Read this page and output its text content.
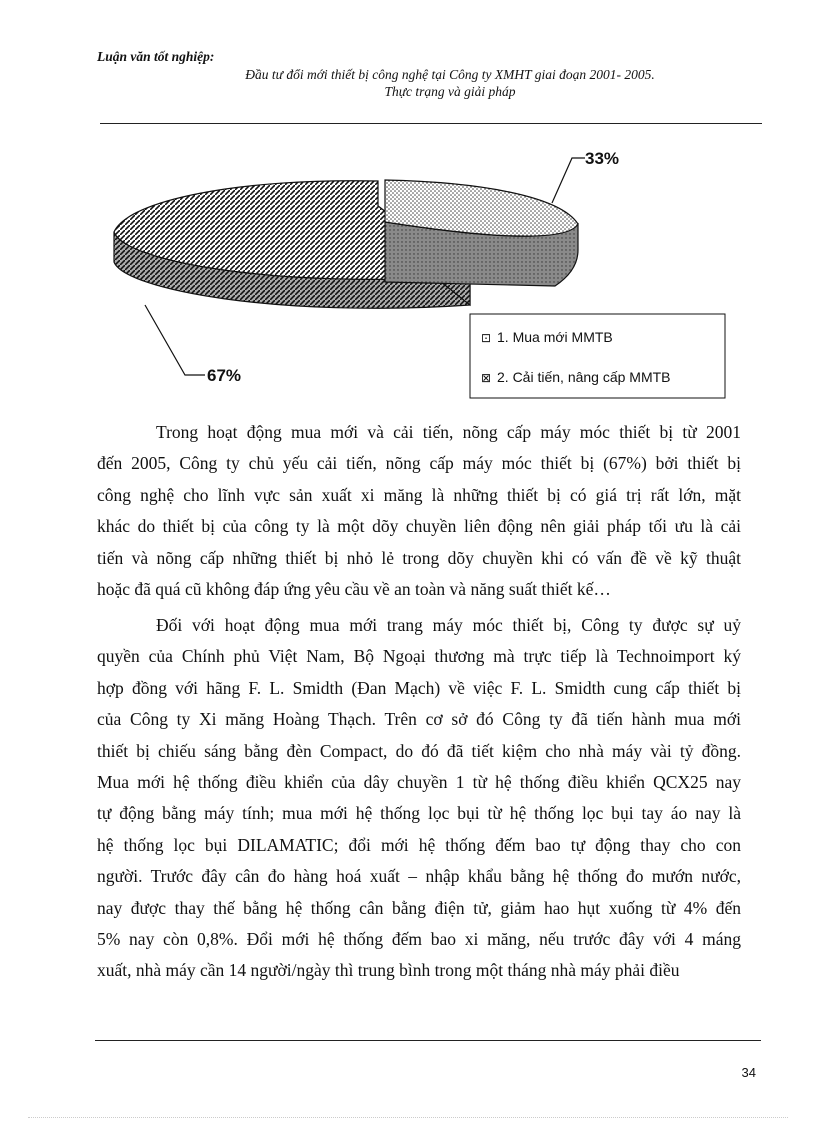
Luận văn tốt nghiệp:
Đầu tư đổi mới thiết bị công nghệ tại Công ty XMHT giai đoạn 2001- 2005.
Thực trạng và giải pháp
33%
67%
⊡ 1. Mua mới MMTB
⊠ 2. Cải tiến, nâng cấp MMTB

Trong hoạt động mua mới và cải tiến, nõng cấp máy móc thiết bị từ 2001

đến 2005, Công ty chủ yếu cải tiến, nõng cấp máy móc thiết bị (67%) bởi thiết bị

công nghệ cho lĩnh vực sản xuất xi măng là những thiết bị có giá trị rất lớn, mặt

khác do thiết bị của công ty là một dõy chuyền liên động nên giải pháp tối ưu là cải

tiến và nõng cấp những thiết bị nhỏ lẻ trong dõy chuyền khi có vấn đề về kỹ thuật

hoặc đã quá cũ không đáp ứng yêu cầu về an toàn và năng suất thiết kế…

Đối với hoạt động mua mới trang máy móc thiết bị, Công ty được sự uỷ

quyền của Chính phủ Việt Nam, Bộ Ngoại thương mà trực tiếp là Technoimport ký

hợp đồng với hãng F. L. Smidth (Đan Mạch) về việc F. L. Smidth cung cấp thiết bị

của Công ty Xi măng Hoàng Thạch. Trên cơ sở đó Công ty đã tiến hành mua mới

thiết bị chiếu sáng bằng đèn Compact, do đó đã tiết kiệm cho nhà máy vài tỷ đồng.

Mua mới hệ thống điều khiển của dây chuyền 1 từ hệ thống điều khiển QCX25 nay

tự động bằng máy tính; mua mới hệ thống lọc bụi từ hệ thống lọc bụi tay áo nay là

hệ thống lọc bụi DILAMATIC; đổi mới hệ thống đếm bao tự động thay cho con

người. Trước đây cân đo hàng hoá xuất – nhập khẩu bằng hệ thống đo mướn nước,

nay được thay thế bằng hệ thống cân bằng điện tử, giảm hao hụt xuống từ 4% đến

5% nay còn 0,8%. Đổi mới hệ thống đếm bao xi măng, nếu trước đây với 4 máng

xuất, nhà máy cần 14 người/ngày thì trung bình trong một tháng nhà máy phải điều

34
